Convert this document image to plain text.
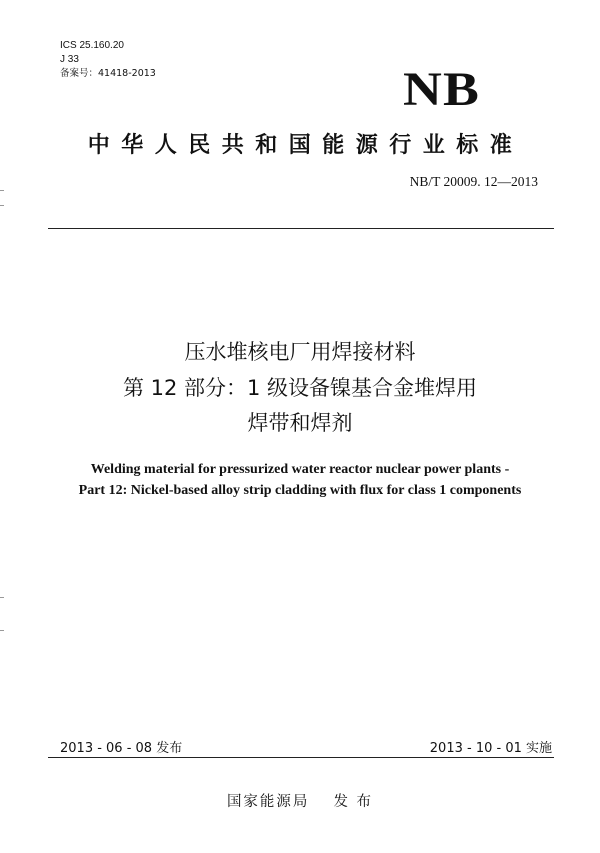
ICS 25.160.20
J 33
备案号：41418-2013	NB
中华人民共和国能源行业标准
NB/T 20009. 12—2013
压水堆核电厂用焊接材料
第 12 部分：1 级设备镍基合金堆焊用
焊带和焊剂
Welding material for pressurized water reactor nuclear power plants -
Part 12: Nickel-based alloy strip cladding with flux for class 1 components
2013 - 06 - 08 发布	2013 - 10 - 01 实施
国家能源局 发 布
